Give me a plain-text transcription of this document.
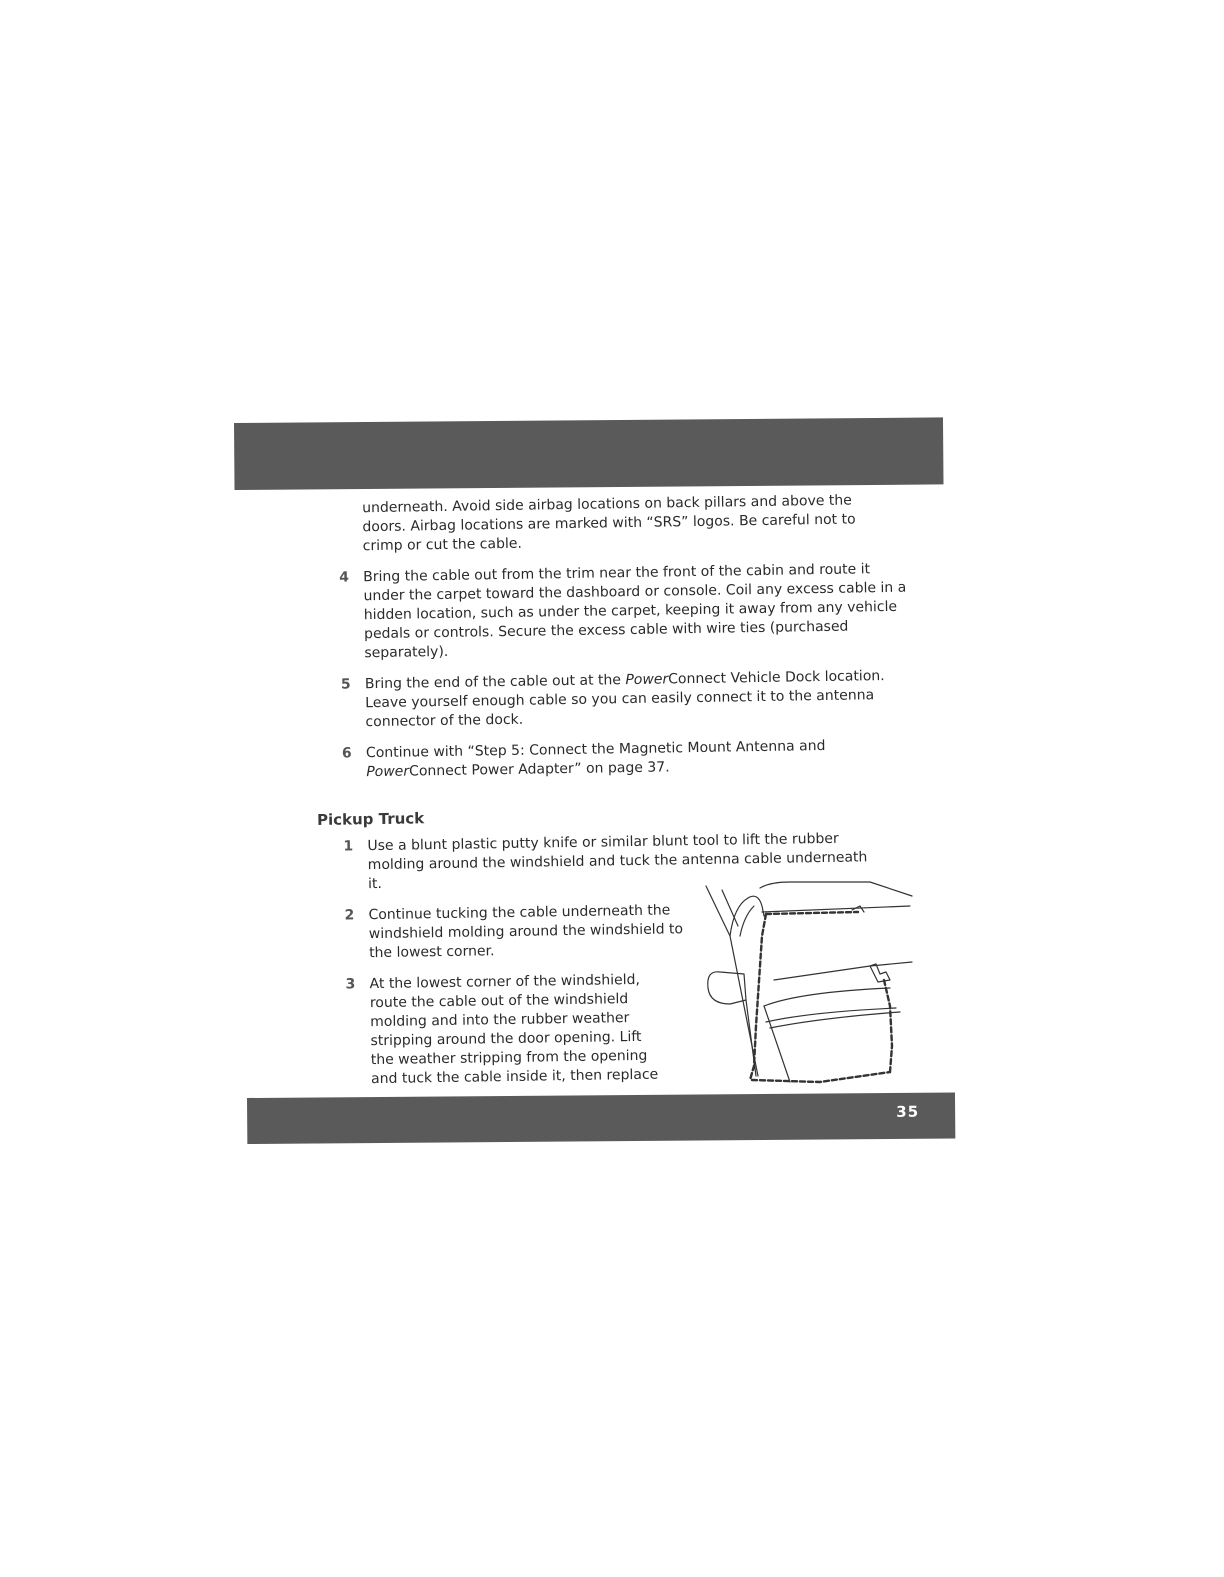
underneath. Avoid side airbag locations on back pillars and above the doors. Airbag locations are marked with “SRS” logos. Be careful not to crimp or cut the cable.

4 Bring the cable out from the trim near the front of the cabin and route it under the carpet toward the dashboard or console. Coil any excess cable in a hidden location, such as under the carpet, keeping it away from any vehicle pedals or controls. Secure the excess cable with wire ties (purchased separately).
5 Bring the end of the cable out at the PowerConnect Vehicle Dock location. Leave yourself enough cable so you can easily connect it to the antenna connector of the dock.
6 Continue with “Step 5: Connect the Magnetic Mount Antenna and PowerConnect Power Adapter” on page 37.
Pickup Truck
1 Use a blunt plastic putty knife or similar blunt tool to lift the rubber molding around the windshield and tuck the antenna cable underneath it.
2 Continue tucking the cable underneath the windshield molding around the windshield to the lowest corner.
3 At the lowest corner of the windshield, route the cable out of the windshield molding and into the rubber weather stripping around the door opening. Lift the weather stripping from the opening and tuck the cable inside it, then replace
35
